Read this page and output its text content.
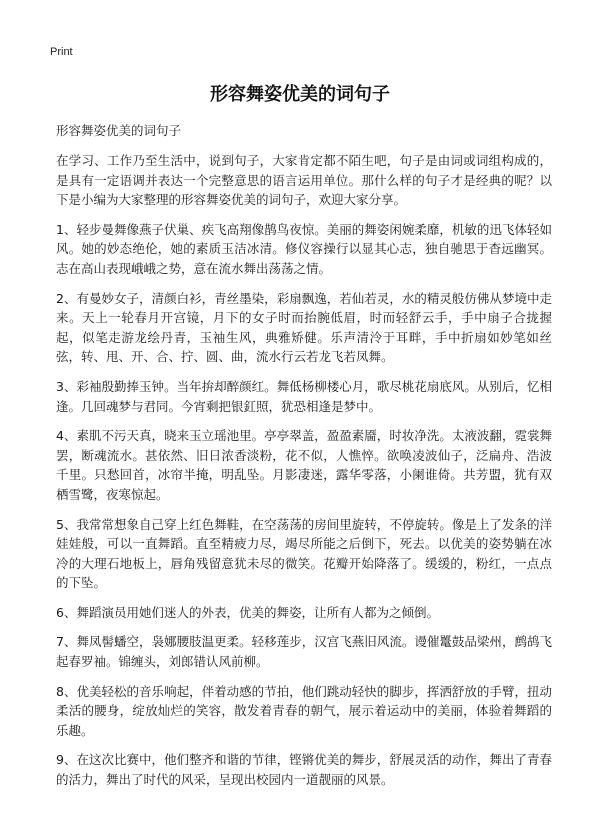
Print
形容舞姿优美的词句子

形容舞姿优美的词句子

在学习、工作乃至生活中，说到句子，大家肯定都不陌生吧，句子是由词或词组构成的，是具有一定语调并表达一个完整意思的语言运用单位。那什么样的句子才是经典的呢？以下是小编为大家整理的形容舞姿优美的词句子，欢迎大家分享。

1、轻步曼舞像燕子伏巢、疾飞高翔像鹊鸟夜惊。美丽的舞姿闲婉柔靡，机敏的迅飞体轻如风。她的妙态绝伦，她的素质玉洁冰清。修仪容操行以显其心志，独自驰思于杳远幽冥。志在高山表现峨峨之势，意在流水舞出荡荡之情。

2、有曼妙女子，清颜白衫，青丝墨染，彩扇飘逸，若仙若灵，水的精灵般仿佛从梦境中走来。天上一轮春月开宫镜，月下的女子时而抬腕低眉，时而轻舒云手，手中扇子合拢握起，似笔走游龙绘丹青，玉袖生风，典雅矫健。乐声清泠于耳畔，手中折扇如妙笔如丝弦，转、甩、开、合、拧、圆、曲，流水行云若龙飞若凤舞。

3、彩袖殷勤捧玉钟。当年拚却醉颜红。舞低杨柳楼心月，歌尽桃花扇底风。从别后，忆相逢。几回魂梦与君同。今宵剩把银釭照，犹恐相逢是梦中。

4、素肌不污天真，晓来玉立瑶池里。亭亭翠盖，盈盈素靥，时妆净洗。太液波翻，霓裳舞罢，断魂流水。甚依然、旧日浓香淡粉，花不似，人憔悴。欲唤凌波仙子，泛扁舟、浩波千里。只愁回首，冰帘半掩，明乱坠。月影凄迷，露华零落，小阑谁倚。共芳盟，犹有双栖雪鹭，夜寒惊起。

5、我常常想象自己穿上红色舞鞋，在空荡荡的房间里旋转，不停旋转。像是上了发条的洋娃娃般，可以一直舞蹈。直至精疲力尽，竭尽所能之后倒下，死去。以优美的姿势躺在冰冷的大理石地板上，唇角残留意犹未尽的微笑。花瓣开始降落了。缓缓的，粉红，一点点的下坠。

6、舞蹈演员用她们迷人的外表，优美的舞姿，让所有人都为之倾倒。

7、舞凤髻蟠空，袅娜腰肢温更柔。轻移莲步，汉宫飞燕旧风流。谩催鼍鼓品梁州，鹧鸪飞起春罗袖。锦缠头，刘郎错认风前柳。

8、优美轻松的音乐响起，伴着动感的节拍，他们跳动轻快的脚步，挥洒舒放的手臂，扭动柔活的腰身，绽放灿烂的笑容，散发着青春的朝气，展示着运动中的美丽，体验着舞蹈的乐趣。

9、在这次比赛中，他们整齐和谐的节律，铿锵优美的舞步，舒展灵活的动作，舞出了青春的活力，舞出了时代的风采，呈现出校园内一道靓丽的风景。
